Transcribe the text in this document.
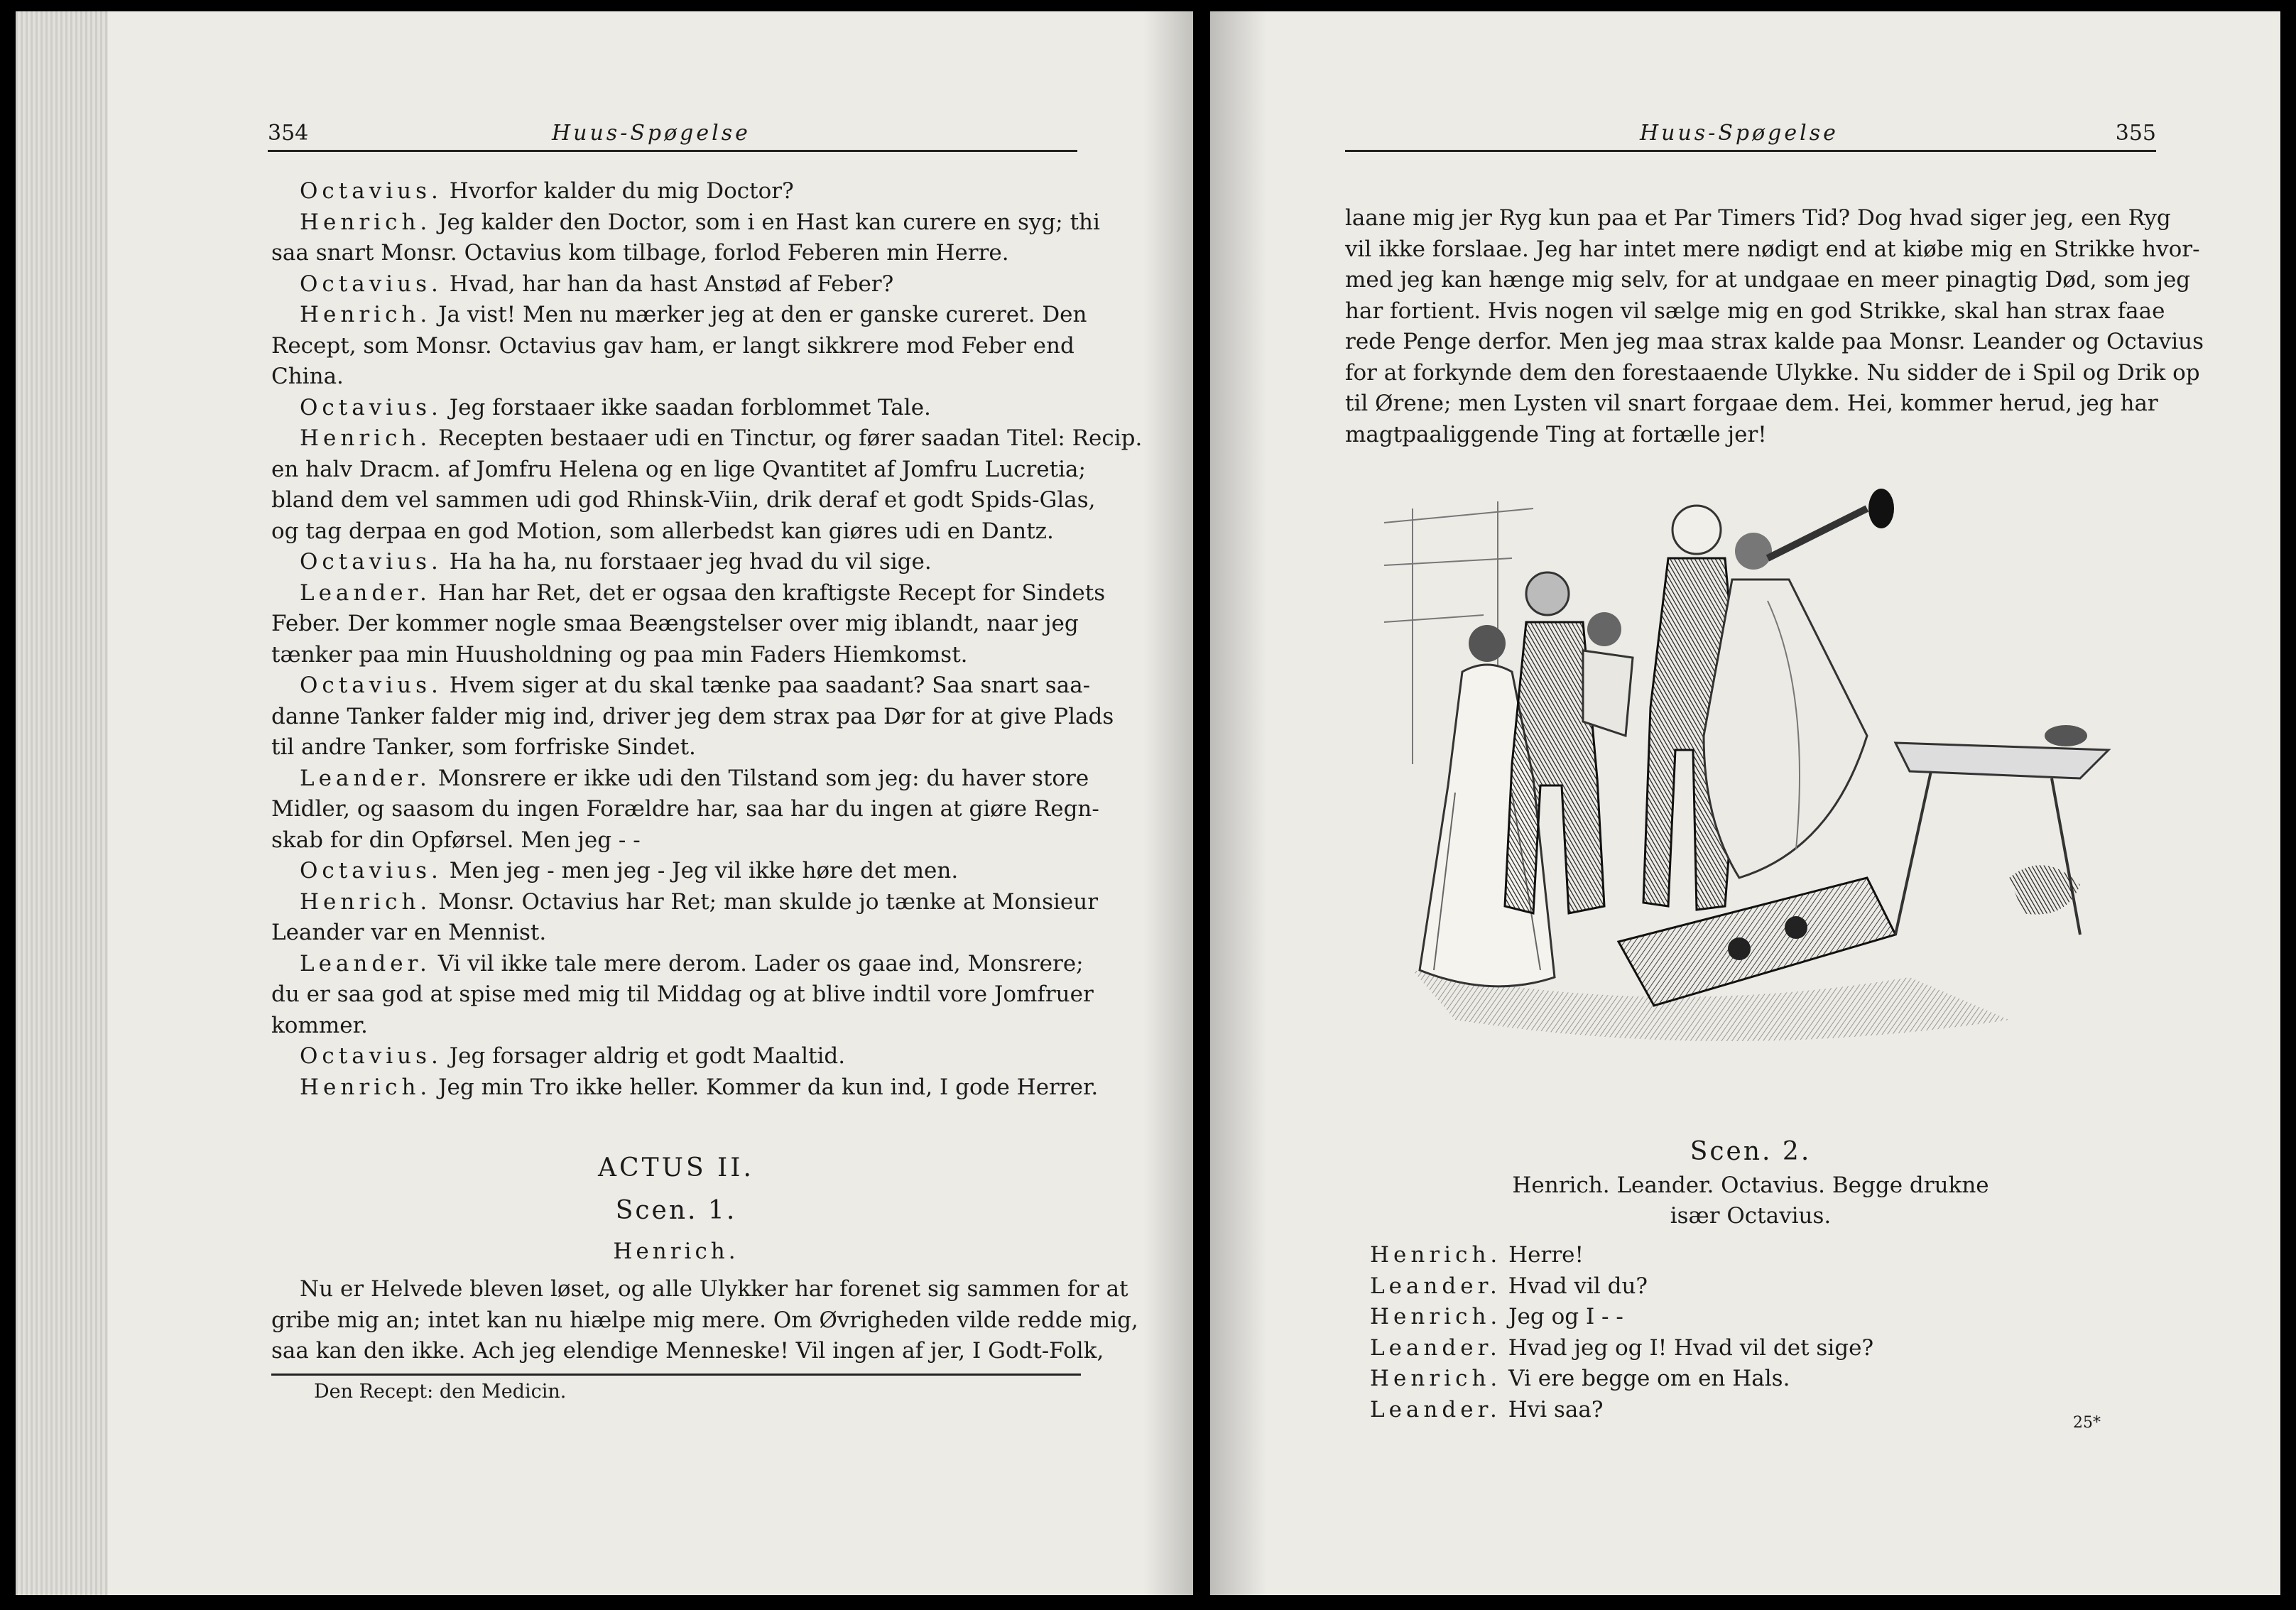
354	Huus-Spøgelse
Octavius. Hvorfor kalder du mig Doctor?
Henrich. Jeg kalder den Doctor, som i en Hast kan curere en syg; thi
saa snart Monsr. Octavius kom tilbage, forlod Feberen min Herre.
Octavius. Hvad, har han da hast Anstød af Feber?
Henrich. Ja vist! Men nu mærker jeg at den er ganske cureret. Den
Recept, som Monsr. Octavius gav ham, er langt sikkrere mod Feber end
China.
Octavius. Jeg forstaaer ikke saadan forblommet Tale.
Henrich. Recepten bestaaer udi en Tinctur, og fører saadan Titel: Recip.
en halv Dracm. af Jomfru Helena og en lige Qvantitet af Jomfru Lucretia;
bland dem vel sammen udi god Rhinsk-Viin, drik deraf et godt Spids-Glas,
og tag derpaa en god Motion, som allerbedst kan giøres udi en Dantz.
Octavius. Ha ha ha, nu forstaaer jeg hvad du vil sige.
Leander. Han har Ret, det er ogsaa den kraftigste Recept for Sindets
Feber. Der kommer nogle smaa Beængstelser over mig iblandt, naar jeg
tænker paa min Huusholdning og paa min Faders Hiemkomst.
Octavius. Hvem siger at du skal tænke paa saadant? Saa snart saa-
danne Tanker falder mig ind, driver jeg dem strax paa Dør for at give Plads
til andre Tanker, som forfriske Sindet.
Leander. Monsrere er ikke udi den Tilstand som jeg: du haver store
Midler, og saasom du ingen Forældre har, saa har du ingen at giøre Regn-
skab for din Opførsel. Men jeg ‑ ‑
Octavius. Men jeg ‑ men jeg ‑ Jeg vil ikke høre det men.
Henrich. Monsr. Octavius har Ret; man skulde jo tænke at Monsieur
Leander var en Mennist.
Leander. Vi vil ikke tale mere derom. Lader os gaae ind, Monsrere;
du er saa god at spise med mig til Middag og at blive indtil vore Jomfruer
kommer.
Octavius. Jeg forsager aldrig et godt Maaltid.
Henrich. Jeg min Tro ikke heller. Kommer da kun ind, I gode Herrer.
ACTUS II.
Scen. 1.
Henrich.
Nu er Helvede bleven løset, og alle Ulykker har forenet sig sammen for at
gribe mig an; intet kan nu hiælpe mig mere. Om Øvrigheden vilde redde mig,
saa kan den ikke. Ach jeg elendige Menneske! Vil ingen af jer, I Godt-Folk,
Den Recept: den Medicin.
Huus-Spøgelse	355
laane mig jer Ryg kun paa et Par Timers Tid? Dog hvad siger jeg, een Ryg
vil ikke forslaae. Jeg har intet mere nødigt end at kiøbe mig en Strikke hvor-
med jeg kan hænge mig selv, for at undgaae en meer pinagtig Død, som jeg
har fortient. Hvis nogen vil sælge mig en god Strikke, skal han strax faae
rede Penge derfor. Men jeg maa strax kalde paa Monsr. Leander og Octavius
for at forkynde dem den forestaaende Ulykke. Nu sidder de i Spil og Drik op
til Ørene; men Lysten vil snart forgaae dem. Hei, kommer herud, jeg har
magtpaaliggende Ting at fortælle jer!
Scen. 2.
Henrich. Leander. Octavius. Begge drukne
især Octavius.
Henrich. Herre!
Leander. Hvad vil du?
Henrich. Jeg og I ‑ ‑
Leander. Hvad jeg og I! Hvad vil det sige?
Henrich. Vi ere begge om en Hals.
Leander. Hvi saa?
25*
